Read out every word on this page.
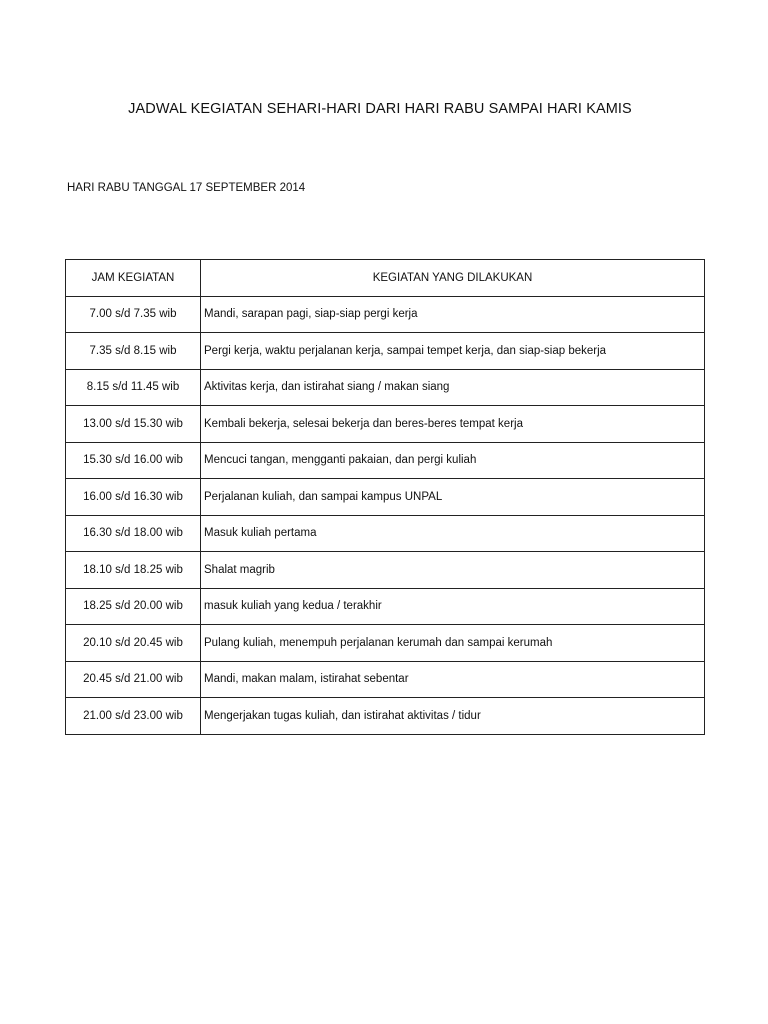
JADWAL KEGIATAN SEHARI-HARI DARI HARI RABU SAMPAI HARI KAMIS
HARI RABU TANGGAL 17 SEPTEMBER 2014
JAM KEGIATAN	KEGIATAN YANG DILAKUKAN
7.00 s/d 7.35 wib	Mandi, sarapan pagi, siap-siap pergi kerja
7.35 s/d 8.15 wib	Pergi kerja, waktu perjalanan kerja, sampai tempet kerja, dan siap-siap bekerja
8.15 s/d 11.45 wib	Aktivitas kerja, dan istirahat siang / makan siang
13.00 s/d 15.30 wib	Kembali bekerja, selesai bekerja dan beres-beres tempat kerja
15.30 s/d 16.00 wib	Mencuci tangan, mengganti pakaian, dan pergi kuliah
16.00 s/d 16.30 wib	Perjalanan kuliah, dan sampai kampus UNPAL
16.30 s/d 18.00 wib	Masuk kuliah pertama
18.10 s/d 18.25 wib	Shalat magrib
18.25 s/d 20.00 wib	masuk kuliah yang kedua / terakhir
20.10 s/d 20.45 wib	Pulang kuliah, menempuh perjalanan kerumah dan sampai kerumah
20.45 s/d 21.00 wib	Mandi, makan malam, istirahat sebentar
21.00 s/d 23.00 wib	Mengerjakan tugas kuliah, dan istirahat aktivitas / tidur
